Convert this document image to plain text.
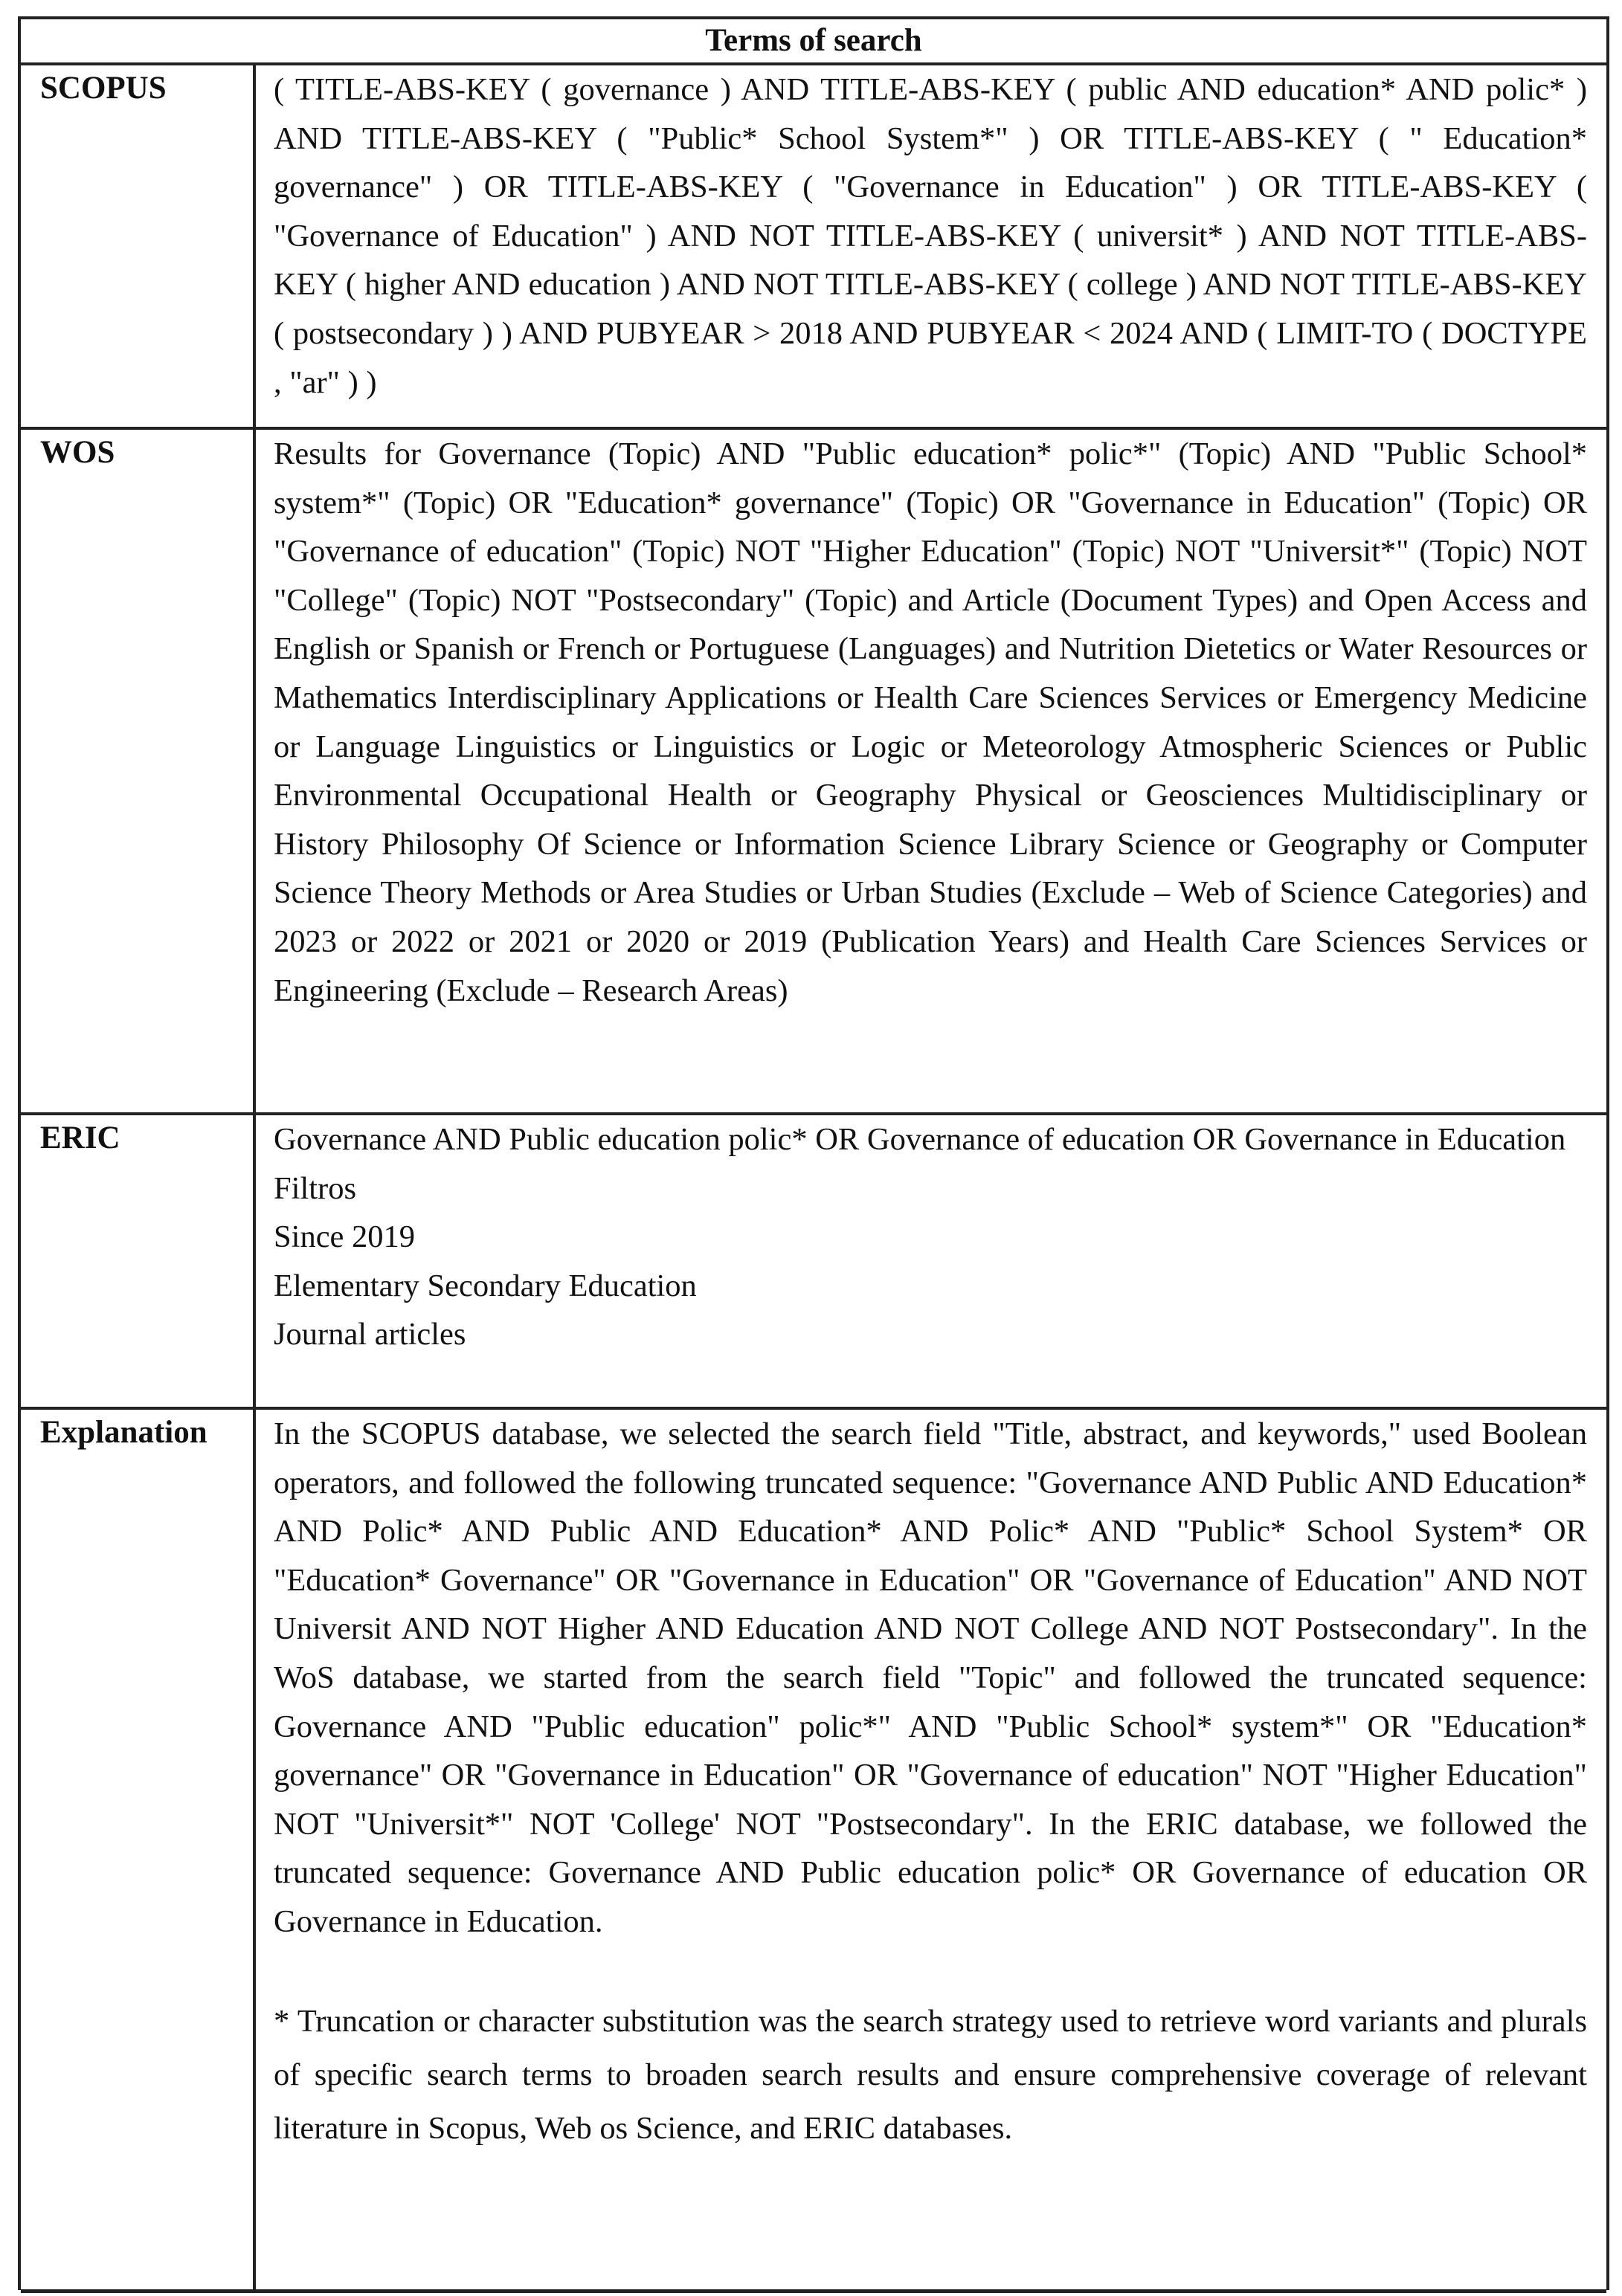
Terms of search
SCOPUS	( TITLE-ABS-KEY ( governance ) AND TITLE-ABS-KEY ( public AND education* AND polic* ) AND TITLE-ABS-KEY ( "Public* School System*" ) OR TITLE-ABS-KEY ( " Education* governance" ) OR TITLE-ABS-KEY ( "Governance in Education" ) OR TITLE-ABS-KEY ( "Governance of Education" ) AND NOT TITLE-ABS-KEY ( universit* ) AND NOT TITLE-ABS-KEY ( higher AND education ) AND NOT TITLE-ABS-KEY ( college ) AND NOT TITLE-ABS-KEY ( postsecondary ) ) AND PUBYEAR > 2018 AND PUBYEAR < 2024 AND ( LIMIT-TO ( DOCTYPE , "ar" ) )

WOS	Results for Governance (Topic) AND "Public education* polic*" (Topic) AND "Public School* system*" (Topic) OR "Education* governance" (Topic) OR "Governance in Education" (Topic) OR "Governance of education" (Topic) NOT "Higher Education" (Topic) NOT "Universit*" (Topic) NOT "College" (Topic) NOT "Postsecondary" (Topic) and Article (Document Types) and Open Access and English or Spanish or French or Portuguese (Languages) and Nutrition Dietetics or Water Resources or Mathematics Interdisciplinary Applications or Health Care Sciences Services or Emergency Medicine or Language Linguistics or Linguistics or Logic or Meteorology Atmospheric Sciences or Public Environmental Occupational Health or Geography Physical or Geosciences Multidisciplinary or History Philosophy Of Science or Information Science Library Science or Geography or Computer Science Theory Methods or Area Studies or Urban Studies (Exclude – Web of Science Categories) and 2023 or 2022 or 2021 or 2020 or 2019 (Publication Years) and Health Care Sciences Services or Engineering (Exclude – Research Areas)

ERIC	Governance AND Public education polic* OR Governance of education OR Governance in Education

Filtros

Since 2019

Elementary Secondary Education

Journal articles

Explanation	In the SCOPUS database, we selected the search field "Title, abstract, and keywords," used Boolean operators, and followed the following truncated sequence: "Governance AND Public AND Education* AND Polic* AND Public AND Education* AND Polic* AND "Public* School System* OR "Education* Governance" OR "Governance in Education" OR "Governance of Education" AND NOT Universit AND NOT Higher AND Education AND NOT College AND NOT Postsecondary". In the WoS database, we started from the search field "Topic" and followed the truncated sequence: Governance AND "Public education" polic*" AND "Public School* system*" OR "Education* governance" OR "Governance in Education" OR "Governance of education" NOT "Higher Education" NOT "Universit*" NOT 'College' NOT "Postsecondary". In the ERIC database, we followed the truncated sequence: Governance AND Public education polic* OR Governance of education OR Governance in Education.

* Truncation or character substitution was the search strategy used to retrieve word variants and plurals of specific search terms to broaden search results and ensure comprehensive coverage of relevant literature in Scopus, Web os Science, and ERIC databases.
